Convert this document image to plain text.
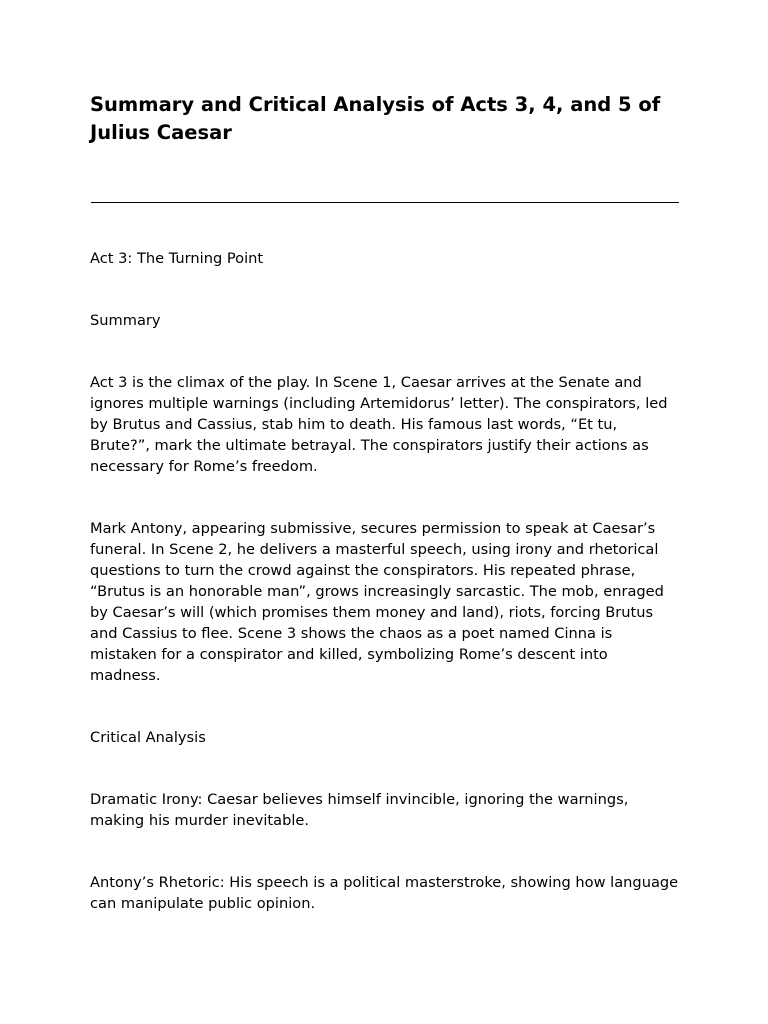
Summary and Critical Analysis of Acts 3, 4, and 5 of Julius Caesar

Act 3: The Turning Point

Summary

Act 3 is the climax of the play. In Scene 1, Caesar arrives at the Senate and ignores multiple warnings (including Artemidorus’ letter). The conspirators, led by Brutus and Cassius, stab him to death. His famous last words, “Et tu, Brute?”, mark the ultimate betrayal. The conspirators justify their actions as necessary for Rome’s freedom.

Mark Antony, appearing submissive, secures permission to speak at Caesar’s funeral. In Scene 2, he delivers a masterful speech, using irony and rhetorical questions to turn the crowd against the conspirators. His repeated phrase, “Brutus is an honorable man”, grows increasingly sarcastic. The mob, enraged by Caesar’s will (which promises them money and land), riots, forcing Brutus and Cassius to flee. Scene 3 shows the chaos as a poet named Cinna is mistaken for a conspirator and killed, symbolizing Rome’s descent into madness.

Critical Analysis

Dramatic Irony: Caesar believes himself invincible, ignoring the warnings, making his murder inevitable.

Antony’s Rhetoric: His speech is a political masterstroke, showing how language can manipulate public opinion.
